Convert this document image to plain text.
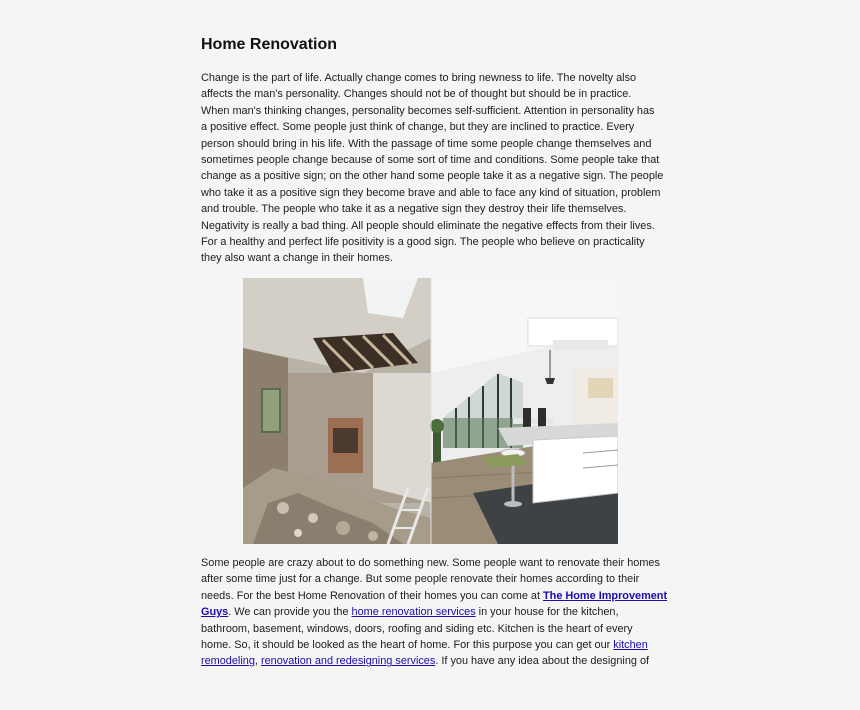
Home Renovation
Change is the part of life. Actually change comes to bring newness to life. The novelty also
affects the man's personality. Changes should not be of thought but should be in practice.
When man's thinking changes, personality becomes self-sufficient. Attention in personality has
a positive effect. Some people just think of change, but they are inclined to practice. Every
person should bring in his life. With the passage of time some people change themselves and
sometimes people change because of some sort of time and conditions. Some people take that
change as a positive sign; on the other hand some people take it as a negative sign. The people
who take it as a positive sign they become brave and able to face any kind of situation, problem
and trouble. The people who take it as a negative sign they destroy their life themselves.
Negativity is really a bad thing. All people should eliminate the negative effects from their lives.
For a healthy and perfect life positivity is a good sign. The people who believe on practicality
they also want a change in their homes.
Some people are crazy about to do something new. Some people want to renovate their homes
after some time just for a change. But some people renovate their homes according to their
needs. For the best Home Renovation of their homes you can come at The Home Improvement
Guys. We can provide you the home renovation services in your house for the kitchen,
bathroom, basement, windows, doors, roofing and siding etc. Kitchen is the heart of every
home. So, it should be looked as the heart of home. For this purpose you can get our kitchen
remodeling, renovation and redesigning services. If you have any idea about the designing of
